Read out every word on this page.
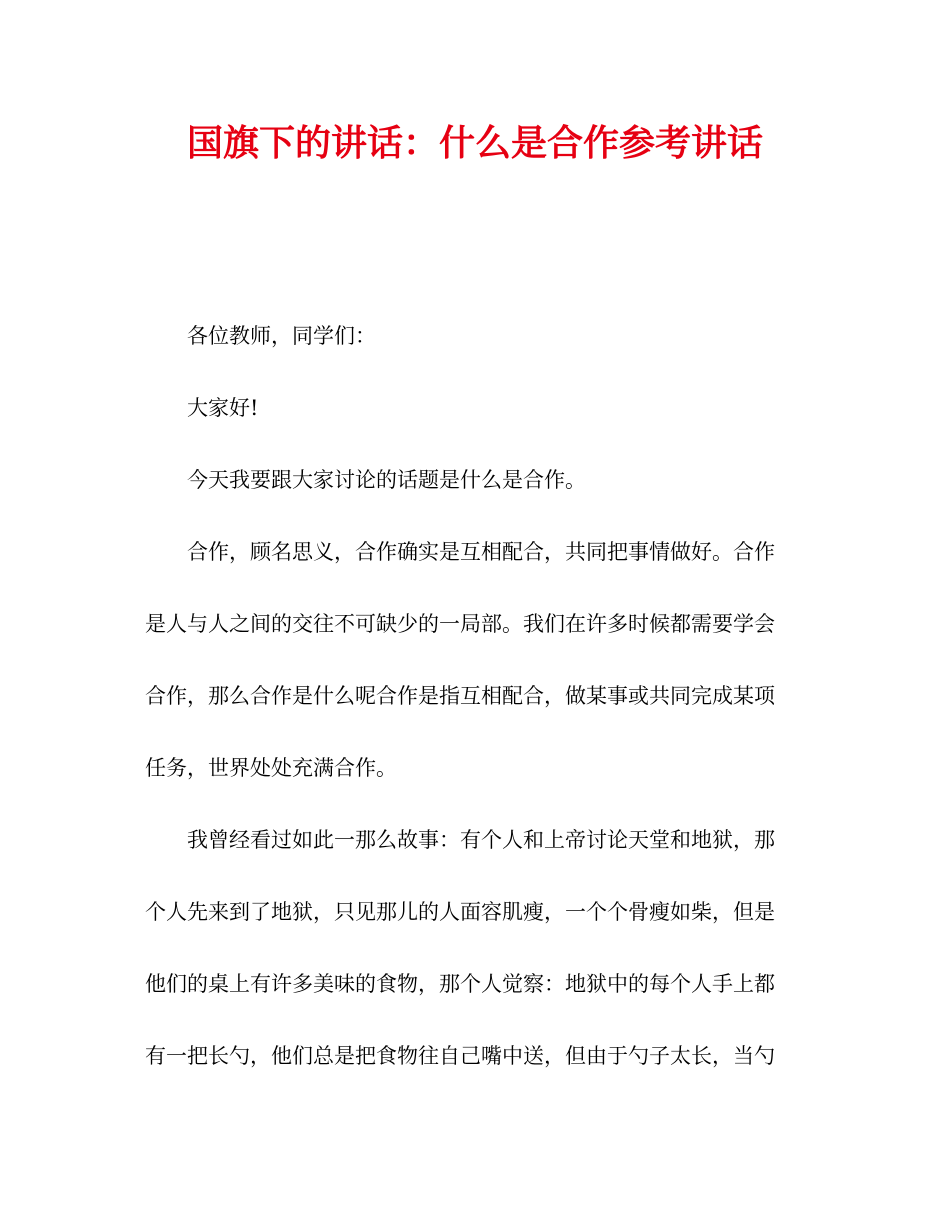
国旗下的讲话：什么是合作参考讲话
各位教师，同学们：
大家好!
今天我要跟大家讨论的话题是什么是合作。
合作，顾名思义，合作确实是互相配合，共同把事情做好。合作
是人与人之间的交往不可缺少的一局部。我们在许多时候都需要学会
合作，那么合作是什么呢合作是指互相配合，做某事或共同完成某项
任务，世界处处充满合作。
我曾经看过如此一那么故事：有个人和上帝讨论天堂和地狱，那
个人先来到了地狱，只见那儿的人面容肌瘦，一个个骨瘦如柴，但是
他们的桌上有许多美味的食物，那个人觉察：地狱中的每个人手上都
有一把长勺，他们总是把食物往自己嘴中送，但由于勺子太长，当勺
